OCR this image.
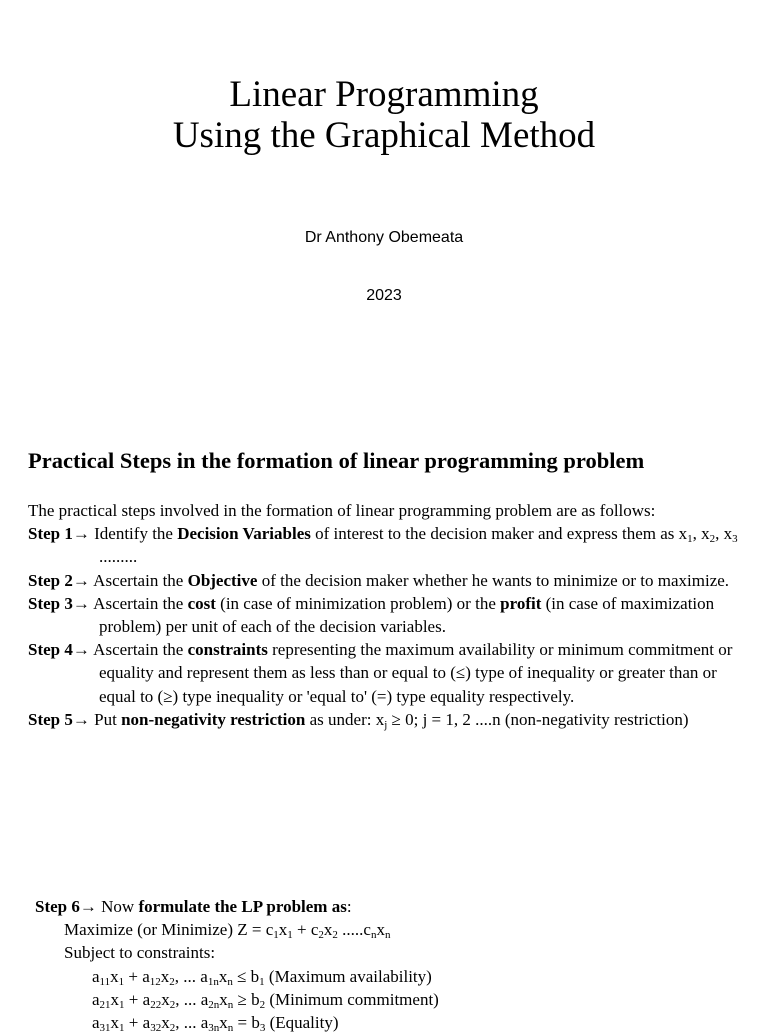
Linear Programming
Using the Graphical Method
Dr Anthony Obemeata
2023
Practical Steps in the formation of linear programming problem

The practical steps involved in the formation of linear programming problem are as follows:

Step 1→ Identify the Decision Variables of interest to the decision maker and express them as $x_1$, $x_2$, $x_3$ .........

Step 2→ Ascertain the Objective of the decision maker whether he wants to minimize or to maximize.

Step 3→ Ascertain the cost (in case of minimization problem) or the profit (in case of maximization problem) per unit of each of the decision variables.

Step 4→ Ascertain the constraints representing the maximum availability or minimum commitment or equality and represent them as less than or equal to (≤) type of inequality or greater than or equal to (≥) type inequality or 'equal to' (=) type equality respectively.

Step 5→ Put non-negativity restriction as under: $x_j \ge 0$; j = 1, 2 ....n (non-negativity restriction)

Step 6→ Now formulate the LP problem as:

Maximize (or Minimize) $Z = c_1x_1 + c_2x_2$ $.....c_nx_n$

Subject to constraints:

$a_{11}x_1 + a_{12}x_2$, ... $a_{1n}x_n \le b_1$ (Maximum availability)

$a_{21}x_1 + a_{22}x_2$, ... $a_{2n}x_n \ge b_2$ (Minimum commitment)

$a_{31}x_1 + a_{32}x_2$, ... $a_{3n}x_n = b_3$ (Equality)
